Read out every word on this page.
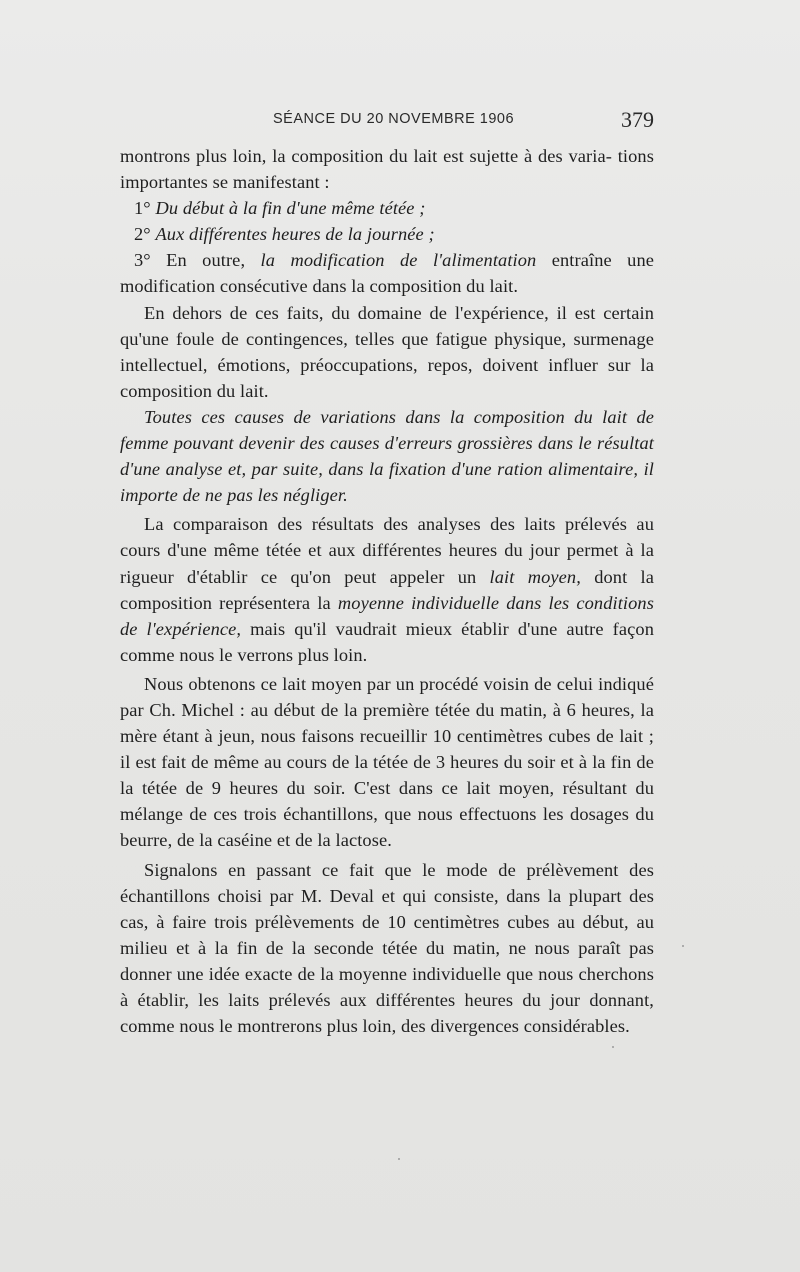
SÉANCE DU 20 NOVEMBRE 1906	379

montrons plus loin, la composition du lait est sujette à des varia- tions importantes se manifestant :

1° Du début à la fin d'une même tétée ;

2° Aux différentes heures de la journée ;

3° En outre, la modification de l'alimentation entraîne une modification consécutive dans la composition du lait.

En dehors de ces faits, du domaine de l'expérience, il est certain qu'une foule de contingences, telles que fatigue physique, surmenage intellectuel, émotions, préoccupations, repos, doivent influer sur la composition du lait.

Toutes ces causes de variations dans la composition du lait de femme pouvant devenir des causes d'erreurs grossières dans le résultat d'une analyse et, par suite, dans la fixation d'une ration alimentaire, il importe de ne pas les négliger.

La comparaison des résultats des analyses des laits prélevés au cours d'une même tétée et aux différentes heures du jour permet à la rigueur d'établir ce qu'on peut appeler un lait moyen, dont la composition représentera la moyenne individuelle dans les conditions de l'expérience, mais qu'il vaudrait mieux établir d'une autre façon comme nous le verrons plus loin.

Nous obtenons ce lait moyen par un procédé voisin de celui indiqué par Ch. Michel : au début de la première tétée du matin, à 6 heures, la mère étant à jeun, nous faisons recueillir 10 centimètres cubes de lait ; il est fait de même au cours de la tétée de 3 heures du soir et à la fin de la tétée de 9 heures du soir. C'est dans ce lait moyen, résultant du mélange de ces trois échantillons, que nous effectuons les dosages du beurre, de la caséine et de la lactose.

Signalons en passant ce fait que le mode de prélèvement des échantillons choisi par M. Deval et qui consiste, dans la plupart des cas, à faire trois prélèvements de 10 centimètres cubes au début, au milieu et à la fin de la seconde tétée du matin, ne nous paraît pas donner une idée exacte de la moyenne individuelle que nous cherchons à établir, les laits prélevés aux différentes heures du jour donnant, comme nous le montrerons plus loin, des divergences considérables.
